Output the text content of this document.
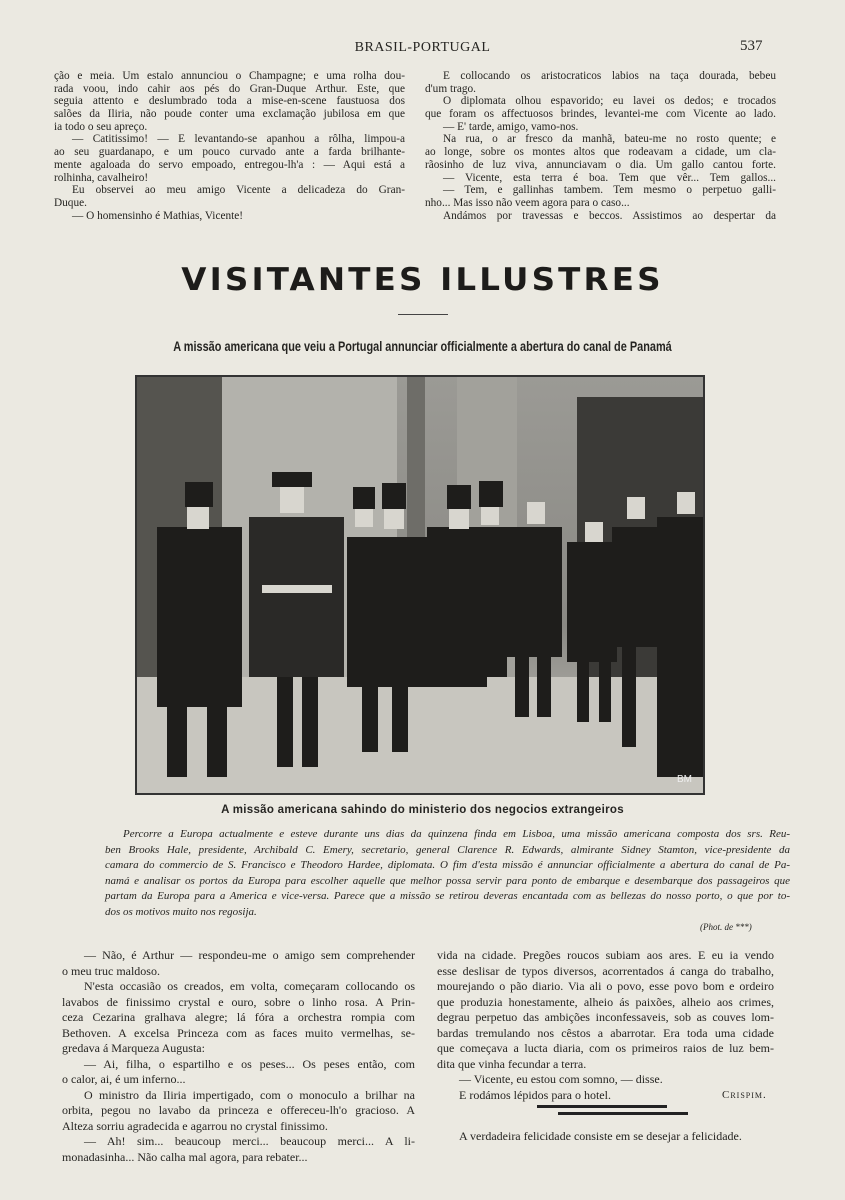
BRASIL-PORTUGAL	537
ção e meia. Um estalo annunciou o Champagne; e uma rolha dou-
rada voou, indo cahir aos pés do Gran-Duque Arthur. Este, que
seguia attento e deslumbrado toda a mise-en-scene faustuosa dos
salões da Iliria, não poude conter uma exclamação jubilosa em que
ia todo o seu apreço.
— Catitissimo! — E levantando-se apanhou a rôlha, limpou-a
ao seu guardanapo, e um pouco curvado ante a farda brilhante-
mente agaloada do servo empoado, entregou-lh'a : — Aqui está a
rolhinha, cavalheiro!
Eu observei ao meu amigo Vicente a delicadeza do Gran-
Duque.
— O homensinho é Mathias, Vicente!
E collocando os aristocraticos labios na taça dourada, bebeu
d'um trago.
O diplomata olhou espavorido; eu lavei os dedos; e trocados
que foram os affectuosos brindes, levantei-me com Vicente ao lado.
— E' tarde, amigo, vamo-nos.
Na rua, o ar fresco da manhã, bateu-me no rosto quente; e
ao longe, sobre os montes altos que rodeavam a cidade, um cla-
rãosinho de luz viva, annunciavam o dia. Um gallo cantou forte.
— Vicente, esta terra é boa. Tem que vêr... Tem gallos...
— Tem, e gallinhas tambem. Tem mesmo o perpetuo galli-
nho... Mas isso não veem agora para o caso...
Andámos por travessas e beccos. Assistimos ao despertar da
VISITANTES ILLUSTRES
A missão americana que veiu a Portugal annunciar officialmente a abertura do canal de Panamá
BM
A missão americana sahindo do ministerio dos negocios extrangeiros
Percorre a Europa actualmente e esteve durante uns dias da quinzena finda em Lisboa, uma missão americana composta dos srs. Reu-
ben Brooks Hale, presidente, Archibald C. Emery, secretario, general Clarence R. Edwards, almirante Sidney Stamton, vice-presidente da
camara do commercio de S. Francisco e Theodoro Hardee, diplomata. O fim d'esta missão é annunciar officialmente a abertura do canal de Pa-
namá e analisar os portos da Europa para escolher aquelle que melhor possa servir para ponto de embarque e desembarque dos passageiros que
partam da Europa para a America e vice-versa. Parece que a missão se retirou deveras encantada com as bellezas do nosso porto, o que por to-
dos os motivos muito nos regosija.
(Phot. de ***)
— Não, é Arthur — respondeu-me o amigo sem comprehender
o meu truc maldoso.
N'esta occasião os creados, em volta, começaram collocando os
lavabos de finissimo crystal e ouro, sobre o linho rosa. A Prin-
ceza Cezarina gralhava alegre; lá fóra a orchestra rompia com
Bethoven. A excelsa Princeza com as faces muito vermelhas, se-
gredava á Marqueza Augusta:
— Ai, filha, o espartilho e os peses... Os peses então, com
o calor, ai, é um inferno...
O ministro da Iliria impertigado, com o monoculo a brilhar na
orbita, pegou no lavabo da princeza e offereceu-lh'o gracioso. A
Alteza sorriu agradecida e agarrou no crystal finissimo.
— Ah! sim... beaucoup merci... beaucoup merci... A li-
monadasinha... Não calha mal agora, para rebater...
vida na cidade. Pregões roucos subiam aos ares. E eu ia vendo
esse deslisar de typos diversos, acorrentados á canga do trabalho,
mourejando o pão diario. Via ali o povo, esse povo bom e ordeiro
que produzia honestamente, alheio ás paixões, alheio aos crimes,
degrau perpetuo das ambições inconfessaveis, sob as couves lom-
bardas tremulando nos cêstos a abarrotar. Era toda uma cidade
que começava a lucta diaria, com os primeiros raios de luz bem-
dita que vinha fecundar a terra.
— Vicente, eu estou com somno, — disse.
E rodámos lépidos para o hotel.	Crispim.
A verdadeira felicidade consiste em se desejar a felicidade.
